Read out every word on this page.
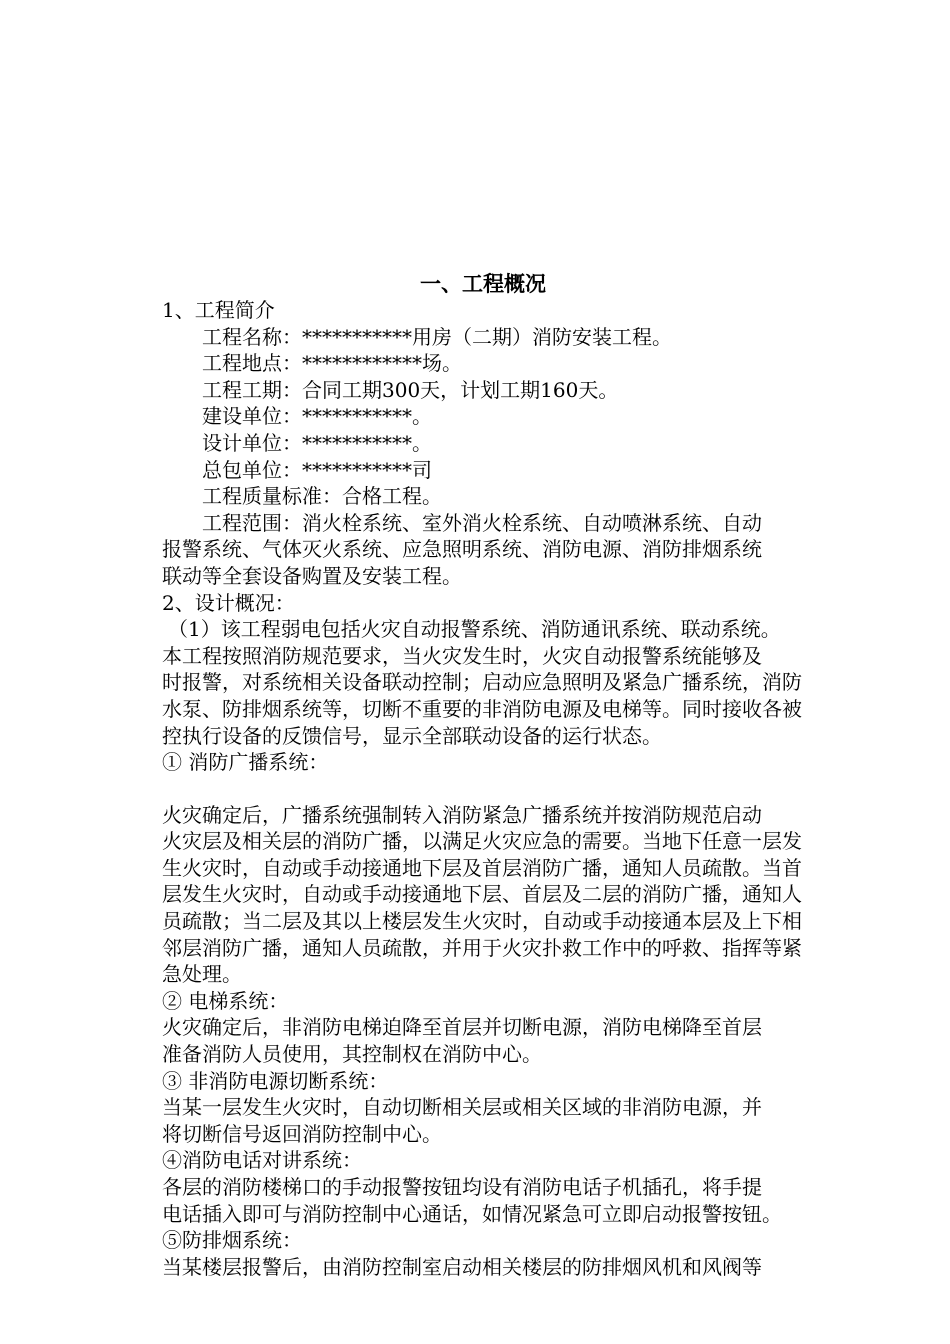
一、工程概况

1、工程简介

工程名称：***********用房（二期）消防安装工程。

工程地点：************场。

工程工期：合同工期300天，计划工期160天。

建设单位：***********。

设计单位：***********。

总包单位：***********司

工程质量标准：合格工程。

工程范围：消火栓系统、室外消火栓系统、自动喷淋系统、自动

报警系统、气体灭火系统、应急照明系统、消防电源、消防排烟系统

联动等全套设备购置及安装工程。

2、设计概况：

（1）该工程弱电包括火灾自动报警系统、消防通讯系统、联动系统。

本工程按照消防规范要求，当火灾发生时，火灾自动报警系统能够及

时报警，对系统相关设备联动控制；启动应急照明及紧急广播系统，消防

水泵、防排烟系统等，切断不重要的非消防电源及电梯等。同时接收各被

控执行设备的反馈信号，显示全部联动设备的运行状态。

① 消防广播系统：

火灾确定后，广播系统强制转入消防紧急广播系统并按消防规范启动

火灾层及相关层的消防广播，以满足火灾应急的需要。当地下任意一层发

生火灾时，自动或手动接通地下层及首层消防广播，通知人员疏散。当首

层发生火灾时，自动或手动接通地下层、首层及二层的消防广播，通知人

员疏散；当二层及其以上楼层发生火灾时，自动或手动接通本层及上下相

邻层消防广播，通知人员疏散，并用于火灾扑救工作中的呼救、指挥等紧

急处理。

② 电梯系统：

火灾确定后，非消防电梯迫降至首层并切断电源，消防电梯降至首层

准备消防人员使用，其控制权在消防中心。

③ 非消防电源切断系统：

当某一层发生火灾时，自动切断相关层或相关区域的非消防电源，并

将切断信号返回消防控制中心。

④消防电话对讲系统：

各层的消防楼梯口的手动报警按钮均设有消防电话子机插孔，将手提

电话插入即可与消防控制中心通话，如情况紧急可立即启动报警按钮。

⑤防排烟系统：

当某楼层报警后，由消防控制室启动相关楼层的防排烟风机和风阀等
